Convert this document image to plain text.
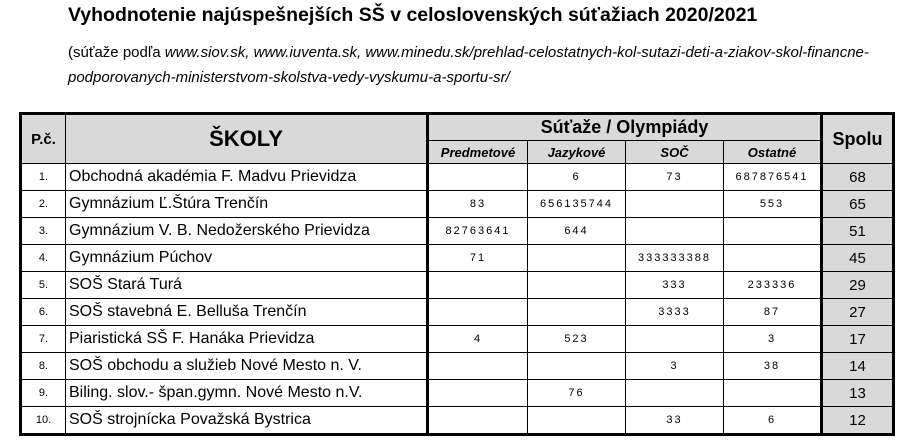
Vyhodnotenie najúspešnejších SŠ v celoslovenských súťažiach 2020/2021
(súťaže podľa www.siov.sk, www.iuventa.sk, www.minedu.sk/prehlad-celostatnych-kol-sutazi-deti-a-ziakov-skol-financne-podporovanych-ministerstvom-skolstva-vedy-vyskumu-a-sportu-sr/
P.č.	ŠKOLY	Súťaže / Olympiády				Spolu
		Predmetové	Jazykové	SOČ	Ostatné	
1.	Obchodná akadémia F. Madvu Prievidza		6	73	687876541	68
2.	Gymnázium Ľ.Štúra Trenčín	83	656135744		553	65
3.	Gymnázium V. B. Nedožerského Prievidza	82763641	644			51
4.	Gymnázium Púchov	71		333333388		45
5.	SOŠ Stará Turá			333	233336	29
6.	SOŠ stavebná E. Belluša Trenčín			3333	87	27
7.	Piaristická SŠ F. Hanáka Prievidza	4	523		3	17
8.	SOŠ obchodu a služieb Nové Mesto n. V.			3	38	14
9.	Biling. slov.- špan.gymn. Nové Mesto n.V.		76			13
10.	SOŠ strojnícka Považská Bystrica			33	6	12
